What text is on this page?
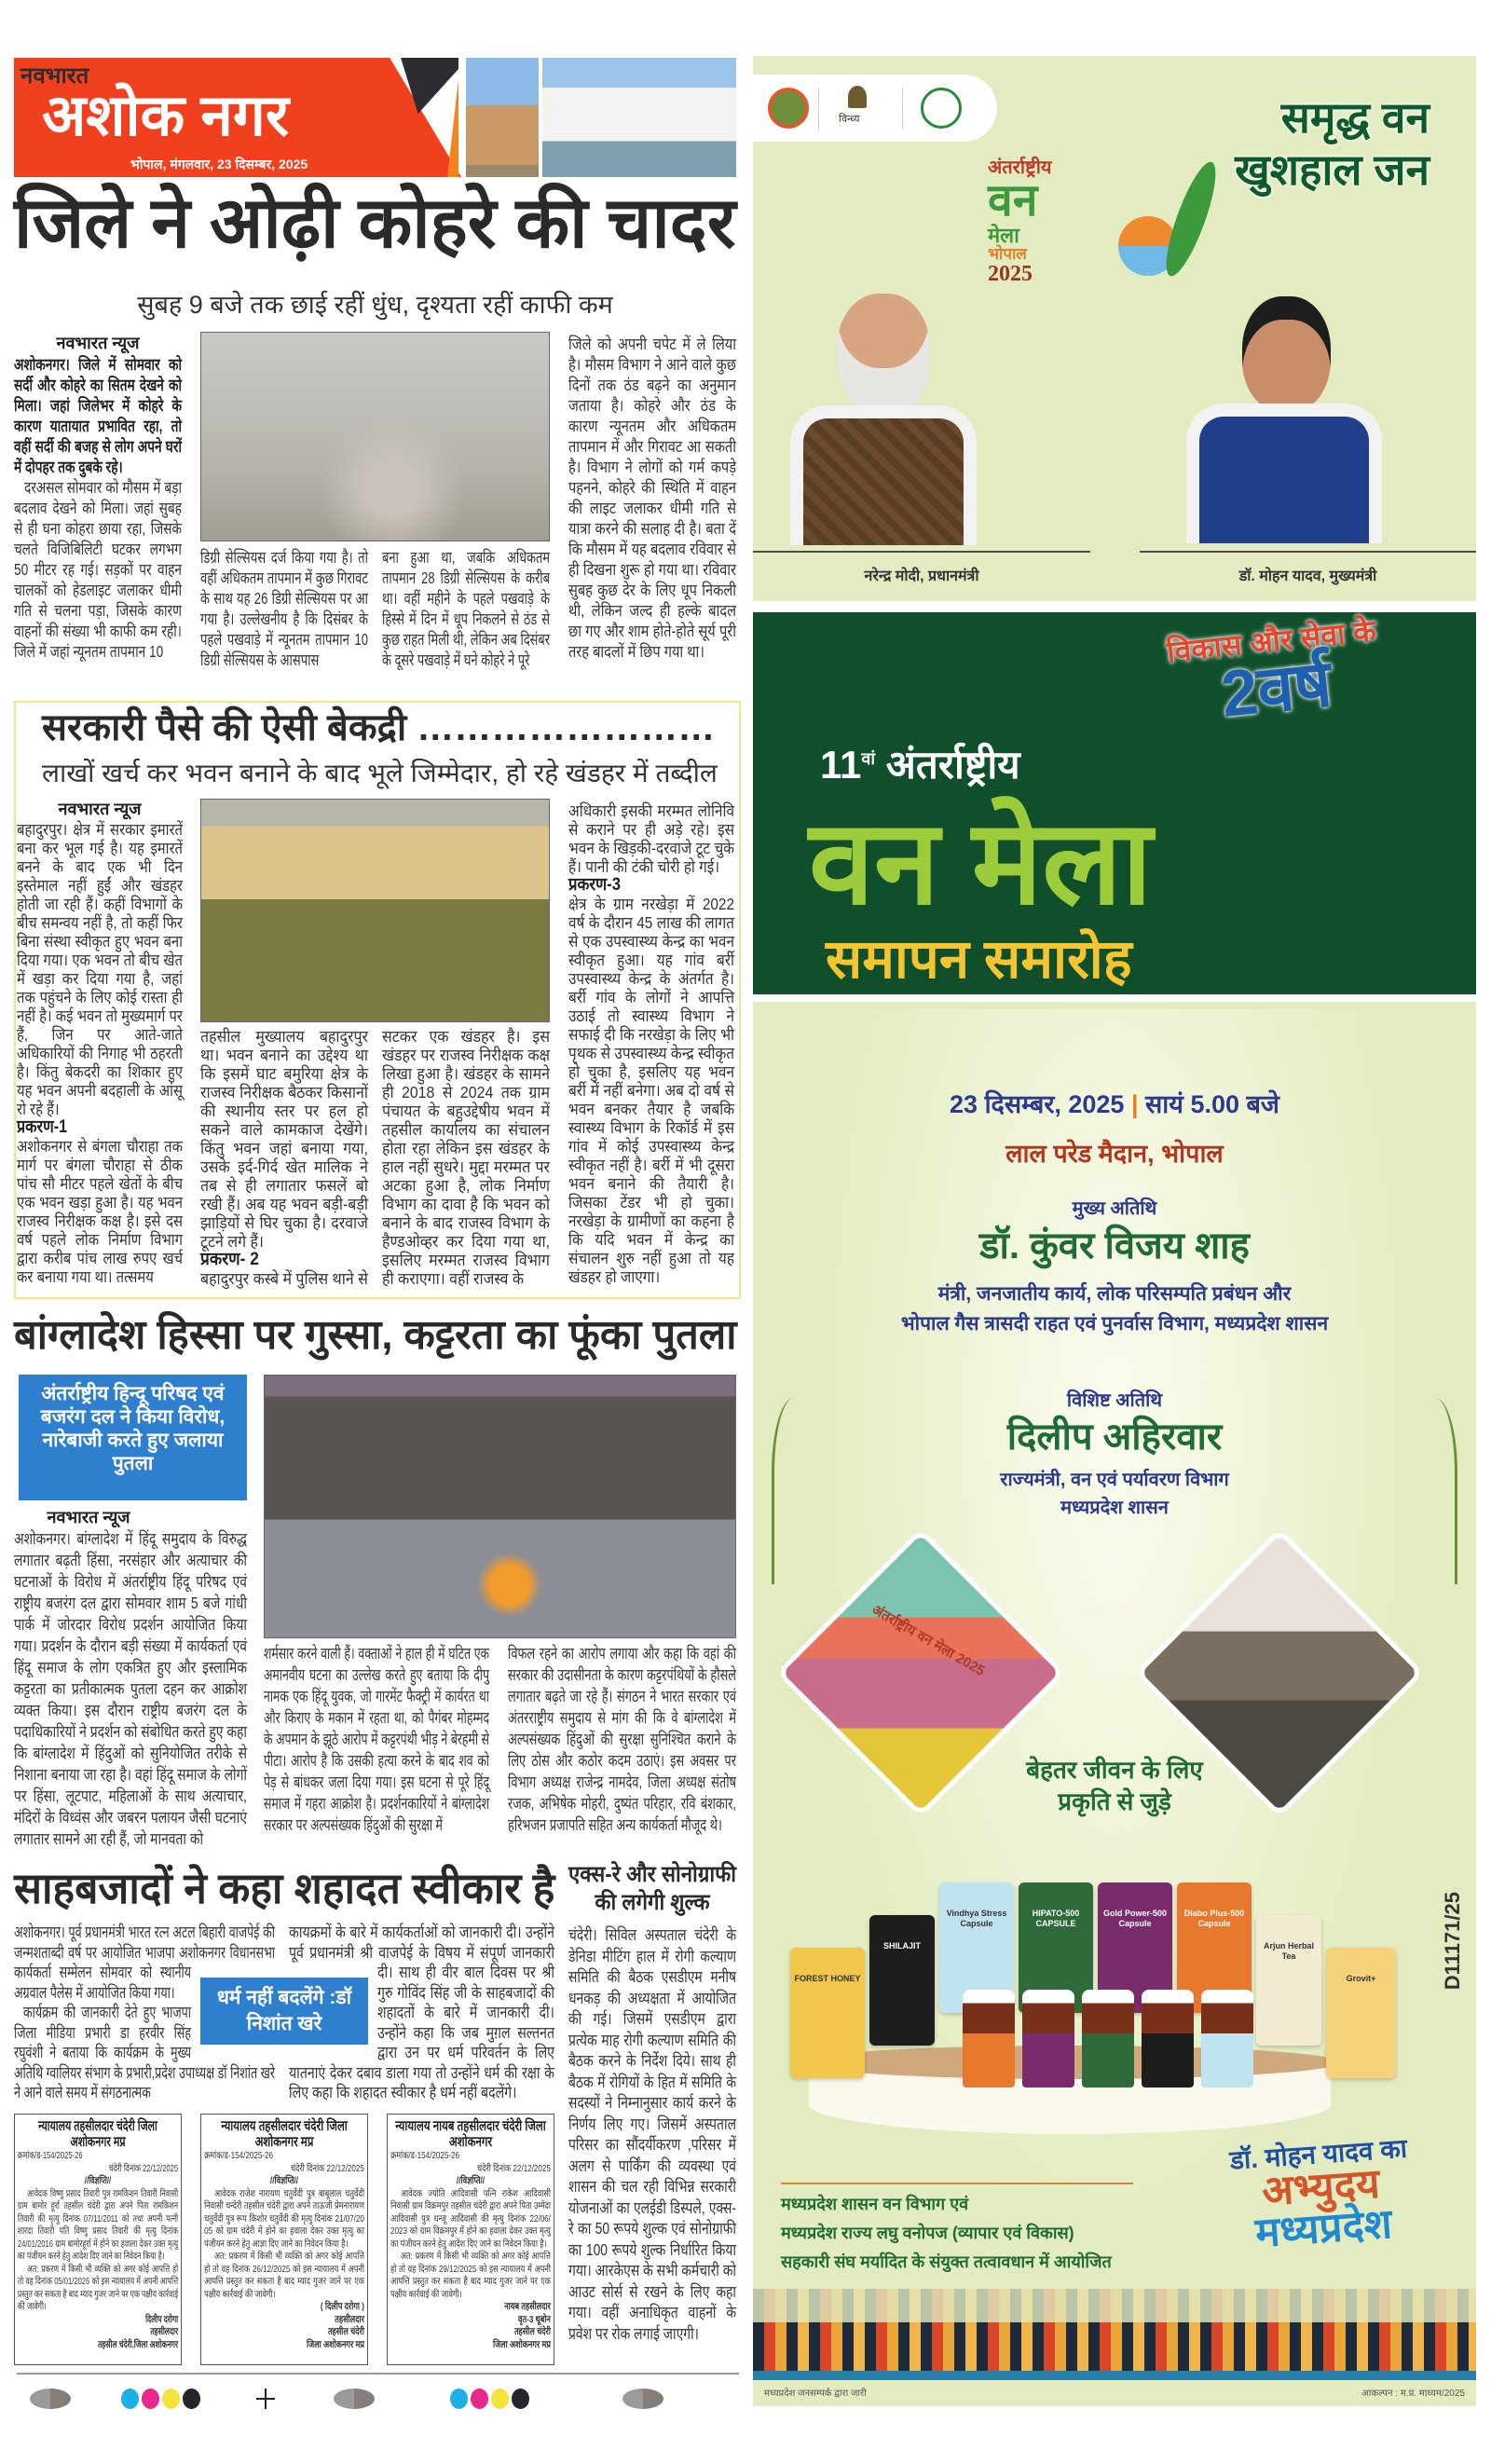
नवभारत
अशोक नगर
भोपाल, मंगलवार, 23 दिसम्बर, 2025
जिले ने ओढ़ी कोहरे की चादर
सुबह 9 बजे तक छाई रहीं धुंध, दृश्यता रहीं काफी कम
नवभारत न्यूज

अशोकनगर। जिले में सोमवार को सर्दी और कोहरे का सितम देखने को मिला। जहां जिलेभर में कोहरे के कारण यातायात प्रभावित रहा, तो वहीं सर्दी की बजह से लोग अपने घरों में दोपहर तक दुबके रहे।

दरअसल सोमवार को मौसम में बड़ा बदलाव देखने को मिला। जहां सुबह से ही घना कोहरा छाया रहा, जिसके चलते विजिबिलिटी घटकर लगभग 50 मीटर रह गई। सड़कों पर वाहन चालकों को हेडलाइट जलाकर धीमी गति से चलना पड़ा, जिसके कारण वाहनों की संख्या भी काफी कम रही। जिले में जहां न्यूनतम तापमान 10

डिग्री सेल्सियस दर्ज किया गया है। तो वहीं अधिकतम तापमान में कुछ गिरावट के साथ यह 26 डिग्री सेल्सियस पर आ गया है। उल्लेखनीय है कि दिसंबर के पहले पखवाड़े में न्यूनतम तापमान 10 डिग्री सेल्सियस के आसपास

बना हुआ था, जबकि अधिकतम तापमान 28 डिग्री सेल्सियस के करीब था। वहीं महीने के पहले पखवाड़े के हिस्से में दिन में धूप निकलने से ठंड से कुछ राहत मिली थी, लेकिन अब दिसंबर के दूसरे पखवाड़े में घने कोहरे ने पूरे

जिले को अपनी चपेट में ले लिया है। मौसम विभाग ने आने वाले कुछ दिनों तक ठंड बढ़ने का अनुमान जताया है। कोहरे और ठंड के कारण न्यूनतम और अधिकतम तापमान में और गिरावट आ सकती है। विभाग ने लोगों को गर्म कपड़े पहनने, कोहरे की स्थिति में वाहन की लाइट जलाकर धीमी गति से यात्रा करने की सलाह दी है। बता दें कि मौसम में यह बदलाव रविवार से ही दिखना शुरू हो गया था। रविवार सुबह कुछ देर के लिए धूप निकली थी, लेकिन जल्द ही हल्के बादल छा गए और शाम होते-होते सूर्य पूरी तरह बादलों में छिप गया था।

सरकारी पैसे की ऐसी बेकद्री ……………………
लाखों खर्च कर भवन बनाने के बाद भूले जिम्मेदार, हो रहे खंडहर में तब्दील
नवभारत न्यूज

बहादुरपुर। क्षेत्र में सरकार इमारतें बना कर भूल गई है। यह इमारतें बनने के बाद एक भी दिन इस्तेमाल नहीं हुईं और खंडहर होती जा रही हैं। कहीं विभागों के बीच समन्वय नहीं है, तो कहीं फिर बिना संस्था स्वीकृत हुए भवन बना दिया गया। एक भवन तो बीच खेत में खड़ा कर दिया गया है, जहां तक पहुंचने के लिए कोई रास्ता ही नहीं है। कई भवन तो मुख्यमार्ग पर हैं, जिन पर आते-जाते अधिकारियों की निगाह भी ठहरती है। किंतु बेकदरी का शिकार हुए यह भवन अपनी बदहाली के आंसू रो रहे हैं।

प्रकरण-1

अशोकनगर से बंगला चौराहा तक मार्ग पर बंगला चौराहा से ठीक पांच सौ मीटर पहले खेतों के बीच एक भवन खड़ा हुआ है। यह भवन राजस्व निरीक्षक कक्ष है। इसे दस वर्ष पहले लोक निर्माण विभाग द्वारा करीब पांच लाख रुपए खर्च कर बनाया गया था। तत्समय

तहसील मुख्यालय बहादुरपुर था। भवन बनाने का उद्देश्य था कि इसमें घाट बमुरिया क्षेत्र के राजस्व निरीक्षक बैठकर किसानों की स्थानीय स्तर पर हल हो सकने वाले कामकाज देखेंगे। किंतु भवन जहां बनाया गया, उसके इर्द-गिर्द खेत मालिक ने तब से ही लगातार फसलें बो रखी हैं। अब यह भवन बड़ी-बड़ी झाड़ियों से घिर चुका है। दरवाजे टूटने लगे हैं।

प्रकरण- 2

बहादुरपुर कस्बे में पुलिस थाने से

सटकर एक खंडहर है। इस खंडहर पर राजस्व निरीक्षक कक्ष लिखा हुआ है। खंडहर के सामने ही 2018 से 2024 तक ग्राम पंचायत के बहुउद्देषीय भवन में तहसील कार्यालय का संचालन होता रहा लेकिन इस खंडहर के हाल नहीं सुधरे। मुद्दा मरम्मत पर अटका हुआ है, लोक निर्माण विभाग का दावा है कि भवन को बनाने के बाद राजस्व विभाग के हैण्डओव्हर कर दिया गया था, इसलिए मरम्मत राजस्व विभाग ही कराएगा। वहीं राजस्व के

अधिकारी इसकी मरम्मत लोनिवि से कराने पर ही अड़े रहे। इस भवन के खिड़की-दरवाजे टूट चुके हैं। पानी की टंकी चोरी हो गई।

प्रकरण-3

क्षेत्र के ग्राम नरखेड़ा में 2022 वर्ष के दौरान 45 लाख की लागत से एक उपस्वास्थ्य केन्द्र का भवन स्वीकृत हुआ। यह गांव बर्री उपस्वास्थ्य केन्द्र के अंतर्गत है। बर्री गांव के लोगों ने आपत्ति उठाई तो स्वास्थ्य विभाग ने सफाई दी कि नरखेड़ा के लिए भी पृथक से उपस्वास्थ्य केन्द्र स्वीकृत हो चुका है, इसलिए यह भवन बर्री में नहीं बनेगा। अब दो वर्ष से भवन बनकर तैयार है जबकि स्वास्थ्य विभाग के रिकॉर्ड में इस गांव में कोई उपस्वास्थ्य केन्द्र स्वीकृत नहीं है। बर्री में भी दूसरा भवन बनाने की तैयारी है। जिसका टेंडर भी हो चुका। नरखेड़ा के ग्रामीणों का कहना है कि यदि भवन में केन्द्र का संचालन शुरु नहीं हुआ तो यह खंडहर हो जाएगा।

बांग्लादेश हिस्सा पर गुस्सा, कट्टरता का फूंका पुतला
अंतर्राष्ट्रीय हिन्दू परिषद एवं बजरंग दल ने किया विरोध, नारेबाजी करते हुए जलाया पुतला
नवभारत न्यूज

अशोकनगर। बांग्लादेश में हिंदू समुदाय के विरुद्ध लगातार बढ़ती हिंसा, नरसंहार और अत्याचार की घटनाओं के विरोध में अंतर्राष्ट्रीय हिंदू परिषद एवं राष्ट्रीय बजरंग दल द्वारा सोमवार शाम 5 बजे गांधी पार्क में जोरदार विरोध प्रदर्शन आयोजित किया गया। प्रदर्शन के दौरान बड़ी संख्या में कार्यकर्ता एवं हिंदू समाज के लोग एकत्रित हुए और इस्लामिक कट्टरता का प्रतीकात्मक पुतला दहन कर आक्रोश व्यक्त किया। इस दौरान राष्ट्रीय बजरंग दल के पदाधिकारियों ने प्रदर्शन को संबोधित करते हुए कहा कि बांग्लादेश में हिंदुओं को सुनियोजित तरीके से निशाना बनाया जा रहा है। वहां हिंदू समाज के लोगों पर हिंसा, लूटपाट, महिलाओं के साथ अत्याचार, मंदिरों के विध्वंस और जबरन पलायन जैसी घटनाएं लगातार सामने आ रही हैं, जो मानवता को

शर्मसार करने वाली हैं। वक्ताओं ने हाल ही में घटित एक अमानवीय घटना का उल्लेख करते हुए बताया कि दीपु नामक एक हिंदू युवक, जो गारमेंट फैक्ट्री में कार्यरत था और किराए के मकान में रहता था, को पैगंबर मोहम्मद के अपमान के झूठे आरोप में कट्टरपंथी भीड़ ने बेरहमी से पीटा। आरोप है कि उसकी हत्या करने के बाद शव को पेड़ से बांधकर जला दिया गया। इस घटना से पूरे हिंदू समाज में गहरा आक्रोश है। प्रदर्शनकारियों ने बांग्लादेश सरकार पर अल्पसंख्यक हिंदुओं की सुरक्षा में

विफल रहने का आरोप लगाया और कहा कि वहां की सरकार की उदासीनता के कारण कट्टरपंथियों के हौसले लगातार बढ़ते जा रहे हैं। संगठन ने भारत सरकार एवं अंतरराष्ट्रीय समुदाय से मांग की कि वे बांग्लादेश में अल्पसंख्यक हिंदुओं की सुरक्षा सुनिश्चित कराने के लिए ठोस और कठोर कदम उठाएं। इस अवसर पर विभाग अध्यक्ष राजेन्द्र नामदेव, जिला अध्यक्ष संतोष रजक, अभिषेक मोहरी, दुष्यंत परिहार, रवि बंशकार, हरिभजन प्रजापति सहित अन्य कार्यकर्ता मौजूद थे।

साहबजादों ने कहा शहादत स्वीकार है

अशोकनगर। पूर्व प्रधानमंत्री भारत रत्न अटल बिहारी वाजपेई की जन्मशताब्दी वर्ष पर आयोजित भाजपा अशोकनगर विधानसभा कार्यकर्ता सम्मेलन सोमवार को स्थानीय अग्रवाल पैलेस में आयोजित किया गया।

कार्यक्रम की जानकारी देते हुए भाजपा जिला मीडिया प्रभारी डा हरवीर सिंह रघुवंशी ने बताया कि कार्यक्रम के मुख्य अतिथि ग्वालियर संभाग के प्रभारी,प्रदेश उपाध्यक्ष डॉ निशांत खरे ने आने वाले समय में संगठनात्मक

कायक्रमों के बारे में कार्यकर्ताओं को जानकारी दी। उन्होंने पूर्व प्रधानमंत्री श्री वाजपेई के विषय में संपूर्ण जानकारी दी। साथ ही वीर बाल दिवस पर श्री गुरु गोविंद सिंह जी के साहबजादों की शहादतों के बारे में जानकारी दी। उन्होंने कहा कि जब मुग़ल सल्तनत द्वारा उन पर धर्म परिवर्तन के लिए यातनाएं देकर दबाव डाला गया तो उन्होंने धर्म की रक्षा के लिए कहा कि शहादत स्वीकार है धर्म नहीं बदलेंगे।

धर्म नहीं बदलेंगे :डॉ निशांत खरे
एक्स-रे और सोनोग्राफी की लगेगी शुल्क

चंदेरी। सिविल अस्पताल चंदेरी के डेनिडा मीटिंग हाल में रोगी कल्याण समिति की बैठक एसडीएम मनीष धनकड़ की अध्यक्षता में आयोजित की गई। जिसमें एसडीएम द्वारा प्रत्येक माह रोगी कल्याण समिति की बैठक करने के निर्देश दिये। साथ ही बैठक में रोगियों के हित में समिति के सदस्यों ने निम्नानुसार कार्य करने के निर्णय लिए गए। जिसमें अस्पताल परिसर का सौंदर्यीकरण ,परिसर में अलग से पार्किंग की व्यवस्था एवं शासन की चल रही विभिन्न सरकारी योजनाओं का एलईडी डिस्पले, एक्स-रे का 50 रूपये शुल्क एवं सोनोग्राफी का 100 रूपये शुल्क निर्धारित किया गया। आरकेएस के सभी कर्मचारी को आउट सोर्स से रखने के लिए कहा गया। वहीं अनाधिकृत वाहनों के प्रवेश पर रोक लगाई जाएगी।

न्यायालय तहसीलदार चंदेरी जिला अशोकनगर मप्र
क्रमांक/ड-154/2025-26
चंदेरी दिनांक 22/12/2025
//विज्ञप्ति//

आवेदक विष्णु प्रसाद तिवारी पुत्र रामकिशन तिवारी निवासी ग्राम बामोर हूर्रा तहसील चंदेरी द्वारा अपने पिता रामकिशन तिवारी की मृत्यु दिनांक 07/11/2011 को तथा अपनी पत्नी शारदा तिवारी पति विष्णु प्रसाद तिवारी की मृत्यु दिनांक 24/01/2016 ग्राम बामोरहूर्रा में होने का हवाला देकर उक्त मृत्यु का पंजीयन करने हेतु आदेश दिए जाने का निवेदन किया है।

अत: प्रकरण में किसी भी व्यक्ति को अगर कोई आपत्ति हो तो वह दिनांक 05/01/2026 को इस न्यायालय में अपनी आपत्ति प्रस्तुत कर सकता है बाद म्याद गुजर जाने पर एक पक्षीय कार्रवाई की जावेगी।

दिलीप दरोगा
तहसीलदार
तहसील चंदेरी,जिला अशोकनगर
न्यायालय तहसीलदार चंदेरी जिला अशोकनगर मप्र
क्रमांक/ड-154/2025-26
चंदेरी दिनांक 22/12/2025
//विज्ञप्ति//

आवेदक राजेश नारायण चतुर्वेदी पुत्र बाबूलाल चतुर्वेदी निवासी चन्देरी तहसील चंदेरी द्वारा अपने ताऊजी प्रेमनारायण चतुर्वेदी पुत्र रूप किशोर चतुर्वेदी की मृत्यु दिनांक 21/07/20 05 को ग्राम चंदेरी में होने का हवाला देकर उक्त मृत्यु का पंजीयन करने हेतु आज्ञा दिए जाने का निवेदन किया है।

अत: प्रकरण में किसी भी व्यक्ति को अगर कोई आपत्ति हो तो वह दिनांक 26/12/2025 को इस न्यायालय में अपनी आपत्ति प्रस्तुत कर सकता है बाद म्याद गुजर जाने पर एक पक्षीय कार्रवाई की जावेगी।

( दिलीप दरोगा )
तहसीलदार
तहसील चंदेरी
जिला अशोकनगर मप्र
न्यायालय नायब तहसीलदार चंदेरी जिला अशोकनगर
क्रमांक/ड-154/2025-26
चंदेरी दिनांक 22/12/2025
//विज्ञप्ति//

आवेदक ज्योति आदिवासी पत्नि राकेश आदिवासी निवासी ग्राम विक्रमपुर तहसील चंदेरी द्वारा अपने पिता उम्मेदा आदिवासी पुत्र धन्जू आदिवासी की मृत्यु दिनांक 22/06/ 2023 को ग्राम विक्रमपुर में होने का हवाला देकर उक्त मृत्यु का पंजीयन करने हेतु आदेश दिए जाने का निवेदन किया है।

अत: प्रकरण में किसी भी व्यक्ति को अगर कोई आपत्ति हो तो वह दिनांक 29/12/2025 को इस न्यायालय में अपनी आपत्ति प्रस्तुत कर सकता है बाद म्याद गुजर जाने पर एक पक्षीय कार्रवाई की जावेगी।

नायब तहसीलदार
वृत-3 थूबोन
तहसील चंदेरी
जिला अशोकनगर मप्र
विन्ध्य	समृद्ध वन
खुशहाल जन
अंतर्राष्ट्रीय
वन
मेला
भोपाल
2025
नरेन्द्र मोदी, प्रधानमंत्री	डॉ. मोहन यादव, मुख्यमंत्री
विकास और सेवा के
2वर्ष
$11^{वां}$ अंतर्राष्ट्रीय
वन मेला
समापन समारोह
अंतर्राष्ट्रीय वन मेला 2025
23 दिसम्बर, 2025 | सायं 5.00 बजे
लाल परेड मैदान, भोपाल
मुख्य अतिथि
डॉ. कुंवर विजय शाह
मंत्री, जनजातीय कार्य, लोक परिसम्पति प्रबंधन और
भोपाल गैस त्रासदी राहत एवं पुनर्वास विभाग, मध्यप्रदेश शासन
विशिष्ट अतिथि
दिलीप अहिरवार
राज्यमंत्री, वन एवं पर्यावरण विभाग
मध्यप्रदेश शासन
बेहतर जीवन के लिए
प्रकृति से जुड़े
FOREST HONEY
SHILAJIT
Vindhya Stress Capsule
HIPATO-500 CAPSULE
Gold Power-500 Capsule
Diabo Plus-500 Capsule
Arjun Herbal Tea
Grovit+	D11171/25
मध्यप्रदेश शासन वन विभाग एवं
मध्यप्रदेश राज्य लघु वनोपज (व्यापार एवं विकास)
सहकारी संघ मर्यादित के संयुक्त तत्वावधान में आयोजित
डॉ. मोहन यादव का
अभ्युदय
मध्यप्रदेश
मध्यप्रदेश जनसम्पर्क द्वारा जारी	आकल्पन : म.प्र. माध्यम/2025
